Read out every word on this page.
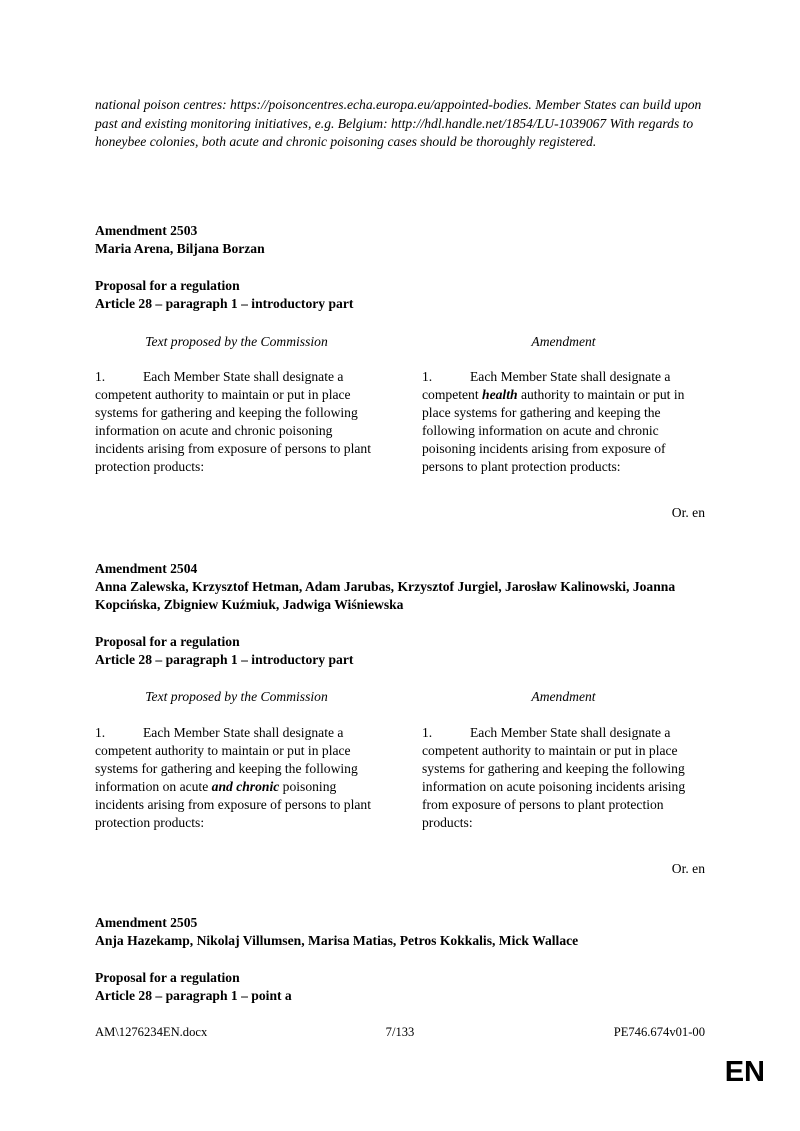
national poison centres: https://poisoncentres.echa.europa.eu/appointed-bodies. Member States can build upon past and existing monitoring initiatives, e.g. Belgium: http://hdl.handle.net/1854/LU-1039067 With regards to honeybee colonies, both acute and chronic poisoning cases should be thoroughly registered.
Amendment 2503
Maria Arena, Biljana Borzan
Proposal for a regulation
Article 28 – paragraph 1 – introductory part
Text proposed by the Commission	Amendment
1.	Each Member State shall designate a competent authority to maintain or put in place systems for gathering and keeping the following information on acute and chronic poisoning incidents arising from exposure of persons to plant protection products:
1.	Each Member State shall designate a competent health authority to maintain or put in place systems for gathering and keeping the following information on acute and chronic poisoning incidents arising from exposure of persons to plant protection products:
Or. en
Amendment 2504
Anna Zalewska, Krzysztof Hetman, Adam Jarubas, Krzysztof Jurgiel, Jarosław Kalinowski, Joanna Kopcińska, Zbigniew Kuźmiuk, Jadwiga Wiśniewska
Proposal for a regulation
Article 28 – paragraph 1 – introductory part
Text proposed by the Commission	Amendment
1.	Each Member State shall designate a competent authority to maintain or put in place systems for gathering and keeping the following information on acute and chronic poisoning incidents arising from exposure of persons to plant protection products:
1.	Each Member State shall designate a competent authority to maintain or put in place systems for gathering and keeping the following information on acute poisoning incidents arising from exposure of persons to plant protection products:
Or. en
Amendment 2505
Anja Hazekamp, Nikolaj Villumsen, Marisa Matias, Petros Kokkalis, Mick Wallace
Proposal for a regulation
Article 28 – paragraph 1 – point a
AM\1276234EN.docx	7/133	PE746.674v01-00
EN
